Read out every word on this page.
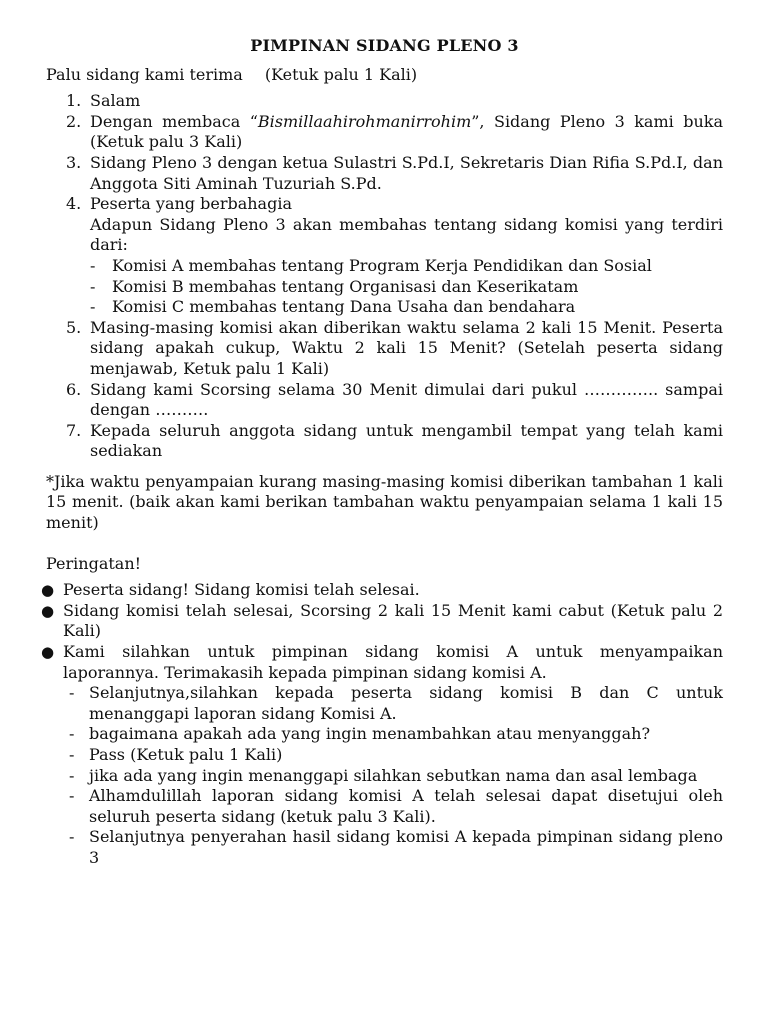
PIMPINAN SIDANG PLENO 3
Palu sidang kami terima (Ketuk palu 1 Kali)
1. Salam
2. Dengan membaca “Bismillaahirohmanirrohim”, Sidang Pleno 3 kami buka (Ketuk palu 3 Kali)
3. Sidang Pleno 3 dengan ketua Sulastri S.Pd.I, Sekretaris Dian Rifia S.Pd.I, dan Anggota Siti Aminah Tuzuriah S.Pd.
4. Peserta yang berbahagia
Adapun Sidang Pleno 3 akan membahas tentang sidang komisi yang terdiri dari:
- Komisi A membahas tentang Program Kerja Pendidikan dan Sosial
- Komisi B membahas tentang Organisasi dan Keserikatam
- Komisi C membahas tentang Dana Usaha dan bendahara
5. Masing-masing komisi akan diberikan waktu selama 2 kali 15 Menit. Peserta sidang apakah cukup, Waktu 2 kali 15 Menit? (Setelah peserta sidang menjawab, Ketuk palu 1 Kali)
6. Sidang kami Scorsing selama 30 Menit dimulai dari pukul ………….. sampai dengan ……….
7. Kepada seluruh anggota sidang untuk mengambil tempat yang telah kami sediakan
*Jika waktu penyampaian kurang masing-masing komisi diberikan tambahan 1 kali 15 menit. (baik akan kami berikan tambahan waktu penyampaian selama 1 kali 15 menit)
Peringatan!
● Peserta sidang! Sidang komisi telah selesai.
● Sidang komisi telah selesai, Scorsing 2 kali 15 Menit kami cabut (Ketuk palu 2 Kali)
● Kami silahkan untuk pimpinan sidang komisi A untuk menyampaikan laporannya. Terimakasih kepada pimpinan sidang komisi A.
- Selanjutnya,silahkan kepada peserta sidang komisi B dan C untuk menanggapi laporan sidang Komisi A.
- bagaimana apakah ada yang ingin menambahkan atau menyanggah?
- Pass (Ketuk palu 1 Kali)
- jika ada yang ingin menanggapi silahkan sebutkan nama dan asal lembaga
- Alhamdulillah laporan sidang komisi A telah selesai dapat disetujui oleh seluruh peserta sidang (ketuk palu 3 Kali).
- Selanjutnya penyerahan hasil sidang komisi A kepada pimpinan sidang pleno 3
